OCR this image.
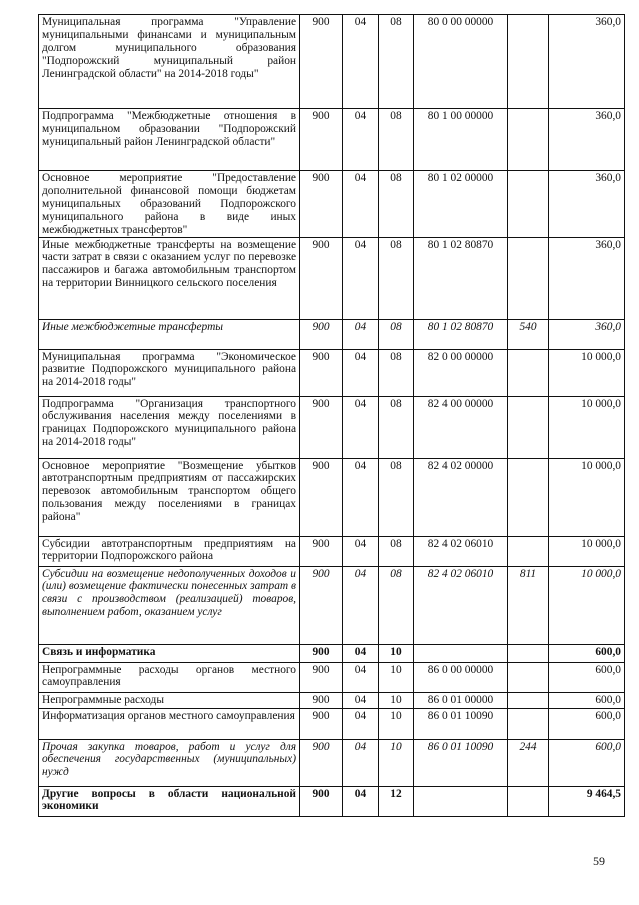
Муниципальная программа "Управление муниципальными финансами и муниципальным долгом муниципального образования "Подпорожский муниципальный район Ленинградской области" на 2014-2018 годы"	900	04	08	80 0 00 00000		360,0
Подпрограмма "Межбюджетные отношения в муниципальном образовании "Подпорожский муниципальный район Ленинградской области"	900	04	08	80 1 00 00000		360,0
Основное мероприятие "Предоставление дополнительной финансовой помощи бюджетам муниципальных образований Подпорожского муниципального района в виде иных межбюджетных трансфертов"	900	04	08	80 1 02 00000		360,0
Иные межбюджетные трансферты на возмещение части затрат в связи с оказанием услуг по перевозке пассажиров и багажа автомобильным транспортом на территории Винницкого сельского поселения	900	04	08	80 1 02 80870		360,0
Иные межбюджетные трансферты	900	04	08	80 1 02 80870	540	360,0
Муниципальная программа "Экономическое развитие Подпорожского муниципального района на 2014-2018 годы"	900	04	08	82 0 00 00000		10 000,0
Подпрограмма "Организация транспортного обслуживания населения между поселениями в границах Подпорожского муниципального района на 2014-2018 годы"	900	04	08	82 4 00 00000		10 000,0
Основное мероприятие "Возмещение убытков автотранспортным предприятиям от пассажирских перевозок автомобильным транспортом общего пользования между поселениями в границах района"	900	04	08	82 4 02 00000		10 000,0
Субсидии автотранспортным предприятиям на территории Подпорожского района	900	04	08	82 4 02 06010		10 000,0
Субсидии на возмещение недополученных доходов и (или) возмещение фактически понесенных затрат в связи с производством (реализацией) товаров, выполнением работ, оказанием услуг	900	04	08	82 4 02 06010	811	10 000,0
Связь и информатика	900	04	10			600,0
Непрограммные расходы органов местного самоуправления	900	04	10	86 0 00 00000		600,0
Непрограммные расходы	900	04	10	86 0 01 00000		600,0
Информатизация органов местного самоуправления	900	04	10	86 0 01 10090		600,0
Прочая закупка товаров, работ и услуг для обеспечения государственных (муниципальных) нужд	900	04	10	86 0 01 10090	244	600,0
Другие вопросы в области национальной экономики	900	04	12			9 464,5
59
